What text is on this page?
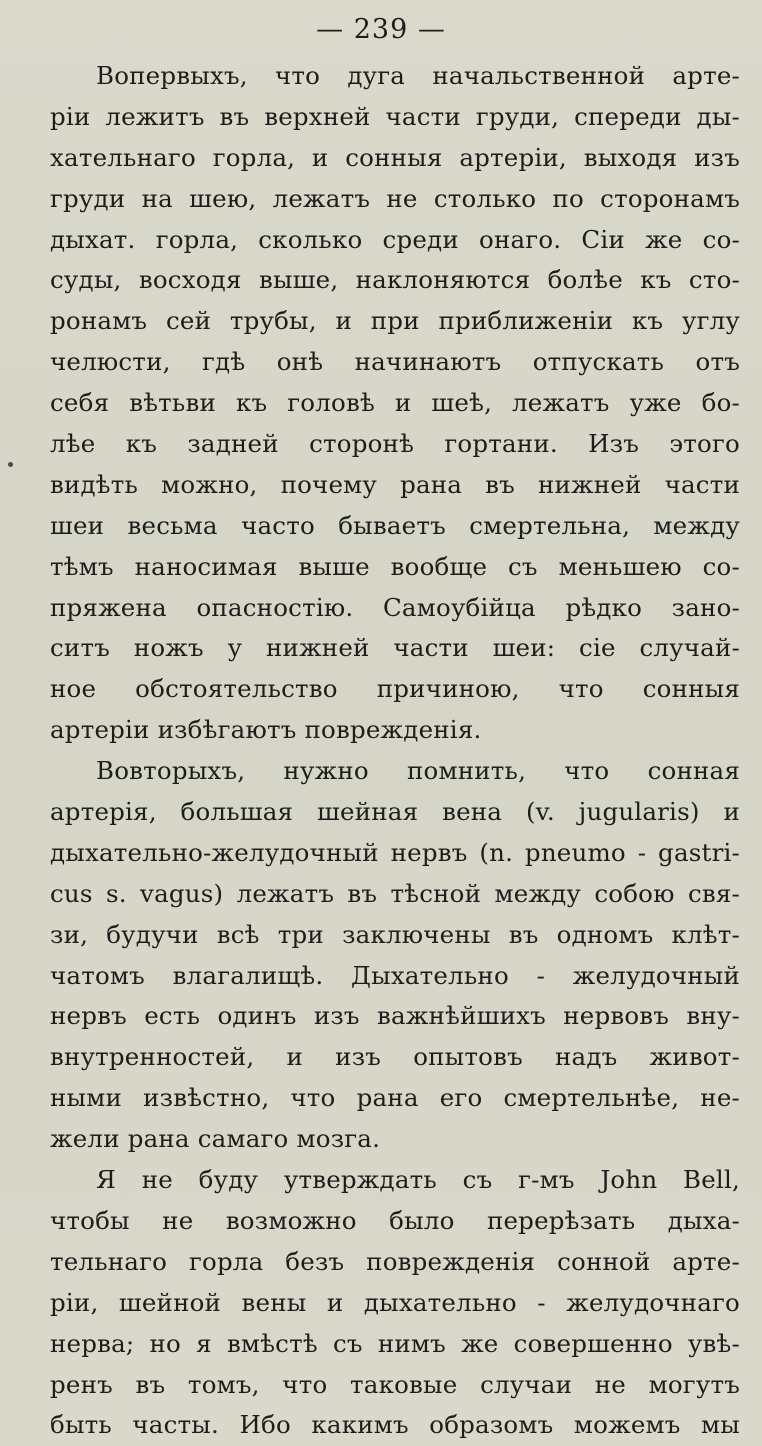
— 239 —
Вопервыхъ, что дуга начальственной арте-
ріи лежитъ въ верхней части груди, спереди ды-
хательнаго горла, и сонныя артеріи, выходя изъ
груди на шею, лежатъ не столько по сторонамъ
дыхат. горла, сколько среди онаго. Сіи же со-
суды, восходя выше, наклоняются болѣе къ сто-
ронамъ сей трубы, и при приближеніи къ углу
челюсти, гдѣ онѣ начинаютъ отпускать отъ
себя вѣтьви къ головѣ и шеѣ, лежатъ уже бо-
лѣе къ задней сторонѣ гортани. Изъ этого
видѣть можно, почему рана въ нижней части
шеи весьма часто бываетъ смертельна, между
тѣмъ наносимая выше вообще съ меньшею со-
пряжена опасностію. Самоубійца рѣдко зано-
ситъ ножъ у нижней части шеи: сіе случай-
ное обстоятельство причиною, что сонныя
артеріи избѣгаютъ поврежденія.
Вовторыхъ, нужно помнить, что сонная
артерія, большая шейная вена (v. jugularis) и
дыхательно-желудочный нервъ (n. pneumo - gastri-
cus s. vagus) лежатъ въ тѣсной между собою свя-
зи, будучи всѣ три заключены въ одномъ клѣт-
чатомъ влагалищѣ. Дыхательно - желудочный
нервъ есть одинъ изъ важнѣйшихъ нервовъ вну-
внутренностей, и изъ опытовъ надъ живот-
ными извѣстно, что рана его смертельнѣе, не-
жели рана самаго мозга.
Я не буду утверждать съ г-мъ John Bell,
чтобы не возможно было перерѣзать дыха-
тельнаго горла безъ поврежденія сонной арте-
ріи, шейной вены и дыхательно - желудочнаго
нерва; но я вмѣстѣ съ нимъ же совершенно увѣ-
ренъ въ томъ, что таковые случаи не могутъ
быть часты. Ибо какимъ образомъ можемъ мы
